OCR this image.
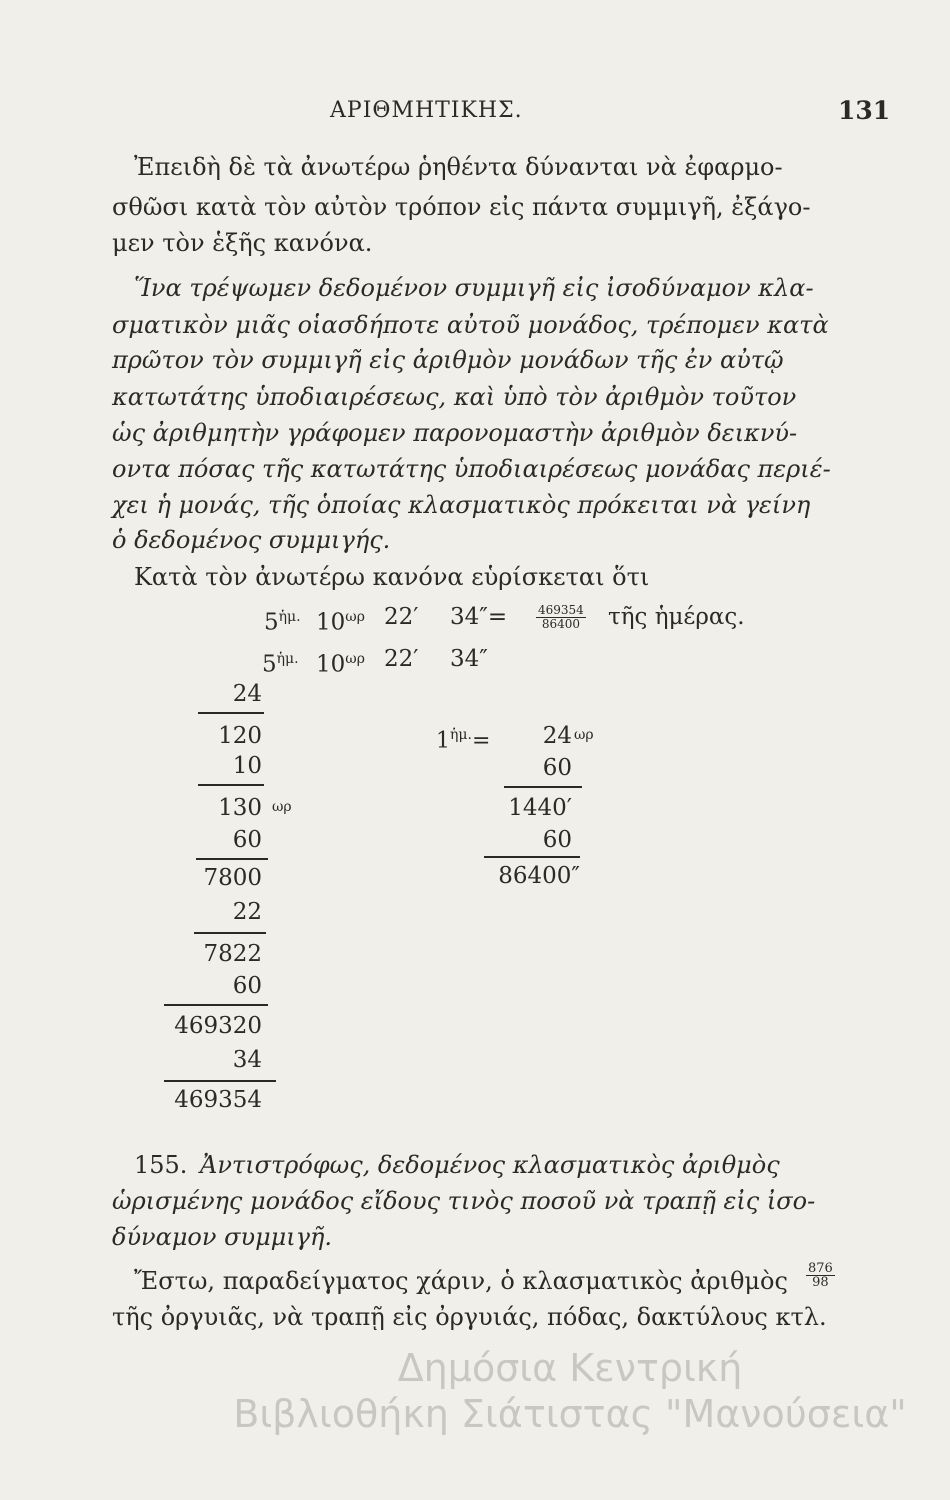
ΑΡΙΘΜΗΤΙΚΗΣ.	131
Ἐπειδὴ δὲ τὰ ἀνωτέρω ῥηθέντα δύνανται νὰ ἐφαρμο-
σθῶσι κατὰ τὸν αὐτὸν τρόπον εἰς πάντα συμμιγῆ, ἐξάγο-
μεν τὸν ἑξῆς κανόνα.
Ἵνα τρέψωμεν δεδομένον συμμιγῆ εἰς ἰσοδύναμον κλα-
σματικὸν μιᾶς οἱασδήποτε αὐτοῦ μονάδος, τρέπομεν κατὰ
πρῶτον τὸν συμμιγῆ εἰς ἀριθμὸν μονάδων τῆς ἐν αὐτῷ
κατωτάτης ὑποδιαιρέσεως, καὶ ὑπὸ τὸν ἀριθμὸν τοῦτον
ὡς ἀριθμητὴν γράφομεν παρονομαστὴν ἀριθμὸν δεικνύ-
οντα πόσας τῆς κατωτάτης ὑποδιαιρέσεως μονάδας περιέ-
χει ἡ μονάς, τῆς ὁποίας κλασματικὸς πρόκειται νὰ γείνη
ὁ δεδομένος συμμιγής.
Κατὰ τὸν ἀνωτέρω κανόνα εὑρίσκεται ὅτι
$5^{ἡ\mu.}$ $10^{\omega\rho}$ 22′ $34''= \frac{469354}{86400}$ τῆς ἡμέρας.
$5^{ἡ\mu.}$ $10^{\omega\rho}$ 22′ 34″
24
120
10
130 ωρ
60
7800
22
7822
60
469320
34
469354
$1^{ἡ\mu.}= 24$ ωρ
60
1440′
60
86400″
155. Ἀντιστρόφως, δεδομένος κλασματικὸς ἀριθμὸς
ὡρισμένης μονάδος εἴδους τινὸς ποσοῦ νὰ τραπῇ εἰς ἰσο-
δύναμον συμμιγῆ.
Ἔστω, παραδείγματος χάριν, ὁ κλασματικὸς ἀριθμὸς $\frac{876}{98}$
τῆς ὀργυιᾶς, νὰ τραπῇ εἰς ὀργυιάς, πόδας, δακτύλους κτλ.
Δημόσια Κεντρική
Βιβλιοθήκη Σιάτιστας "Μανούσεια"
